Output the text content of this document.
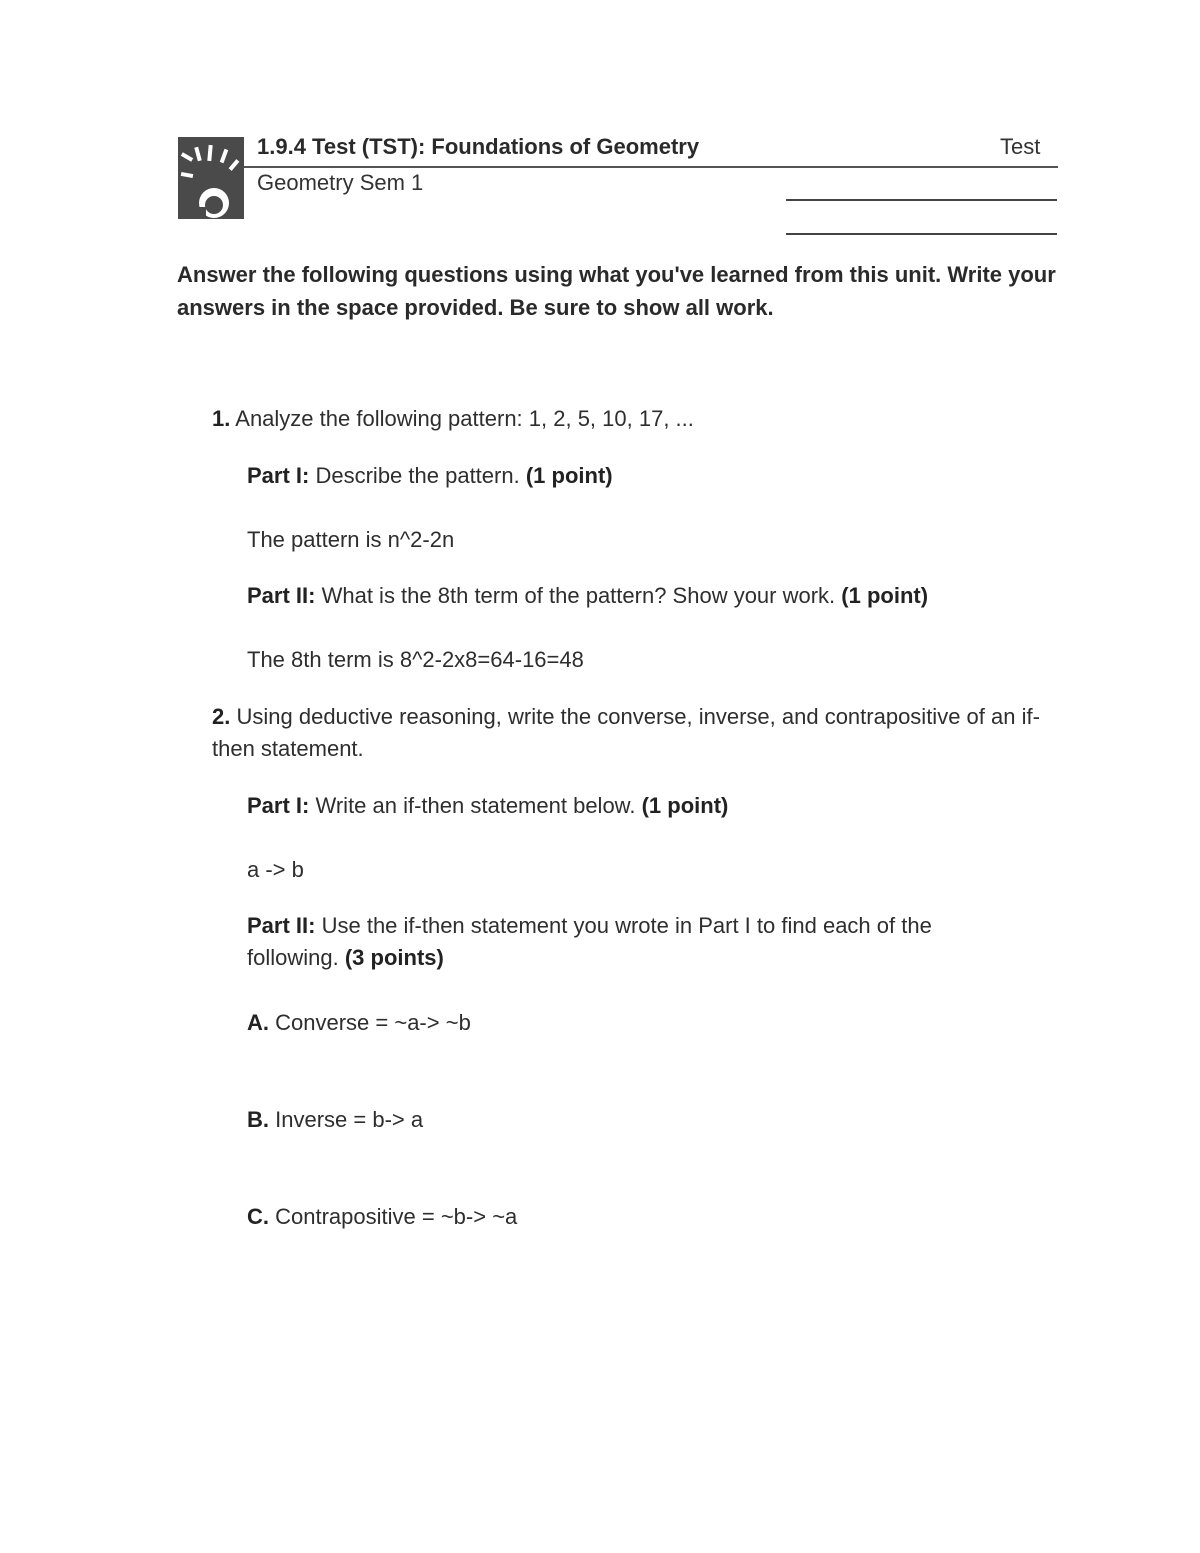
1.9.4 Test (TST): Foundations of Geometry	Test
Geometry Sem 1
Answer the following questions using what you've learned from this unit. Write your answers in the space provided. Be sure to show all work.
1. Analyze the following pattern: 1, 2, 5, 10, 17, ...
Part I: Describe the pattern. (1 point)
The pattern is n^2-2n
Part II: What is the 8th term of the pattern? Show your work. (1 point)
The 8th term is 8^2-2x8=64-16=48
2. Using deductive reasoning, write the converse, inverse, and contrapositive of an if-then statement.
Part I: Write an if-then statement below. (1 point)
a -> b
Part II: Use the if-then statement you wrote in Part I to find each of the following. (3 points)
A. Converse = ~a-> ~b
B. Inverse = b-> a
C. Contrapositive = ~b-> ~a
